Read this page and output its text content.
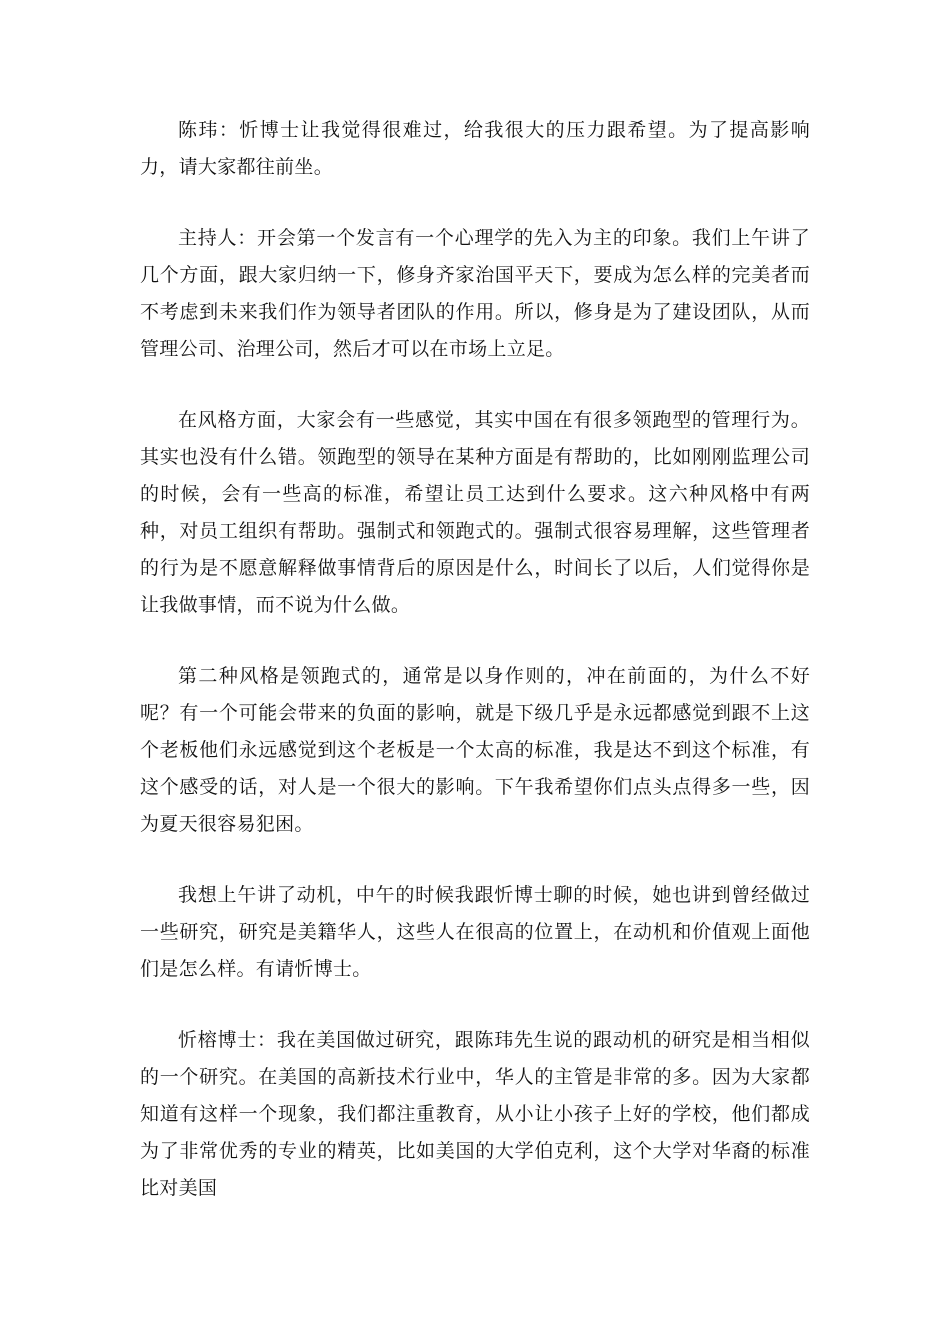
陈玮：忻博士让我觉得很难过，给我很大的压力跟希望。为了提高影响力，请大家都往前坐。

主持人：开会第一个发言有一个心理学的先入为主的印象。我们上午讲了几个方面，跟大家归纳一下，修身齐家治国平天下，要成为怎么样的完美者而不考虑到未来我们作为领导者团队的作用。所以，修身是为了建设团队，从而管理公司、治理公司，然后才可以在市场上立足。

在风格方面，大家会有一些感觉，其实中国在有很多领跑型的管理行为。其实也没有什么错。领跑型的领导在某种方面是有帮助的，比如刚刚监理公司的时候，会有一些高的标准，希望让员工达到什么要求。这六种风格中有两种，对员工组织有帮助。强制式和领跑式的。强制式很容易理解，这些管理者的行为是不愿意解释做事情背后的原因是什么，时间长了以后，人们觉得你是让我做事情，而不说为什么做。

第二种风格是领跑式的，通常是以身作则的，冲在前面的，为什么不好呢？有一个可能会带来的负面的影响，就是下级几乎是永远都感觉到跟不上这个老板他们永远感觉到这个老板是一个太高的标准，我是达不到这个标准，有这个感受的话，对人是一个很大的影响。下午我希望你们点头点得多一些，因为夏天很容易犯困。

我想上午讲了动机，中午的时候我跟忻博士聊的时候，她也讲到曾经做过一些研究，研究是美籍华人，这些人在很高的位置上，在动机和价值观上面他们是怎么样。有请忻博士。

忻榕博士：我在美国做过研究，跟陈玮先生说的跟动机的研究是相当相似的一个研究。在美国的高新技术行业中，华人的主管是非常的多。因为大家都知道有这样一个现象，我们都注重教育，从小让小孩子上好的学校，他们都成为了非常优秀的专业的精英，比如美国的大学伯克利，这个大学对华裔的标准比对美国
